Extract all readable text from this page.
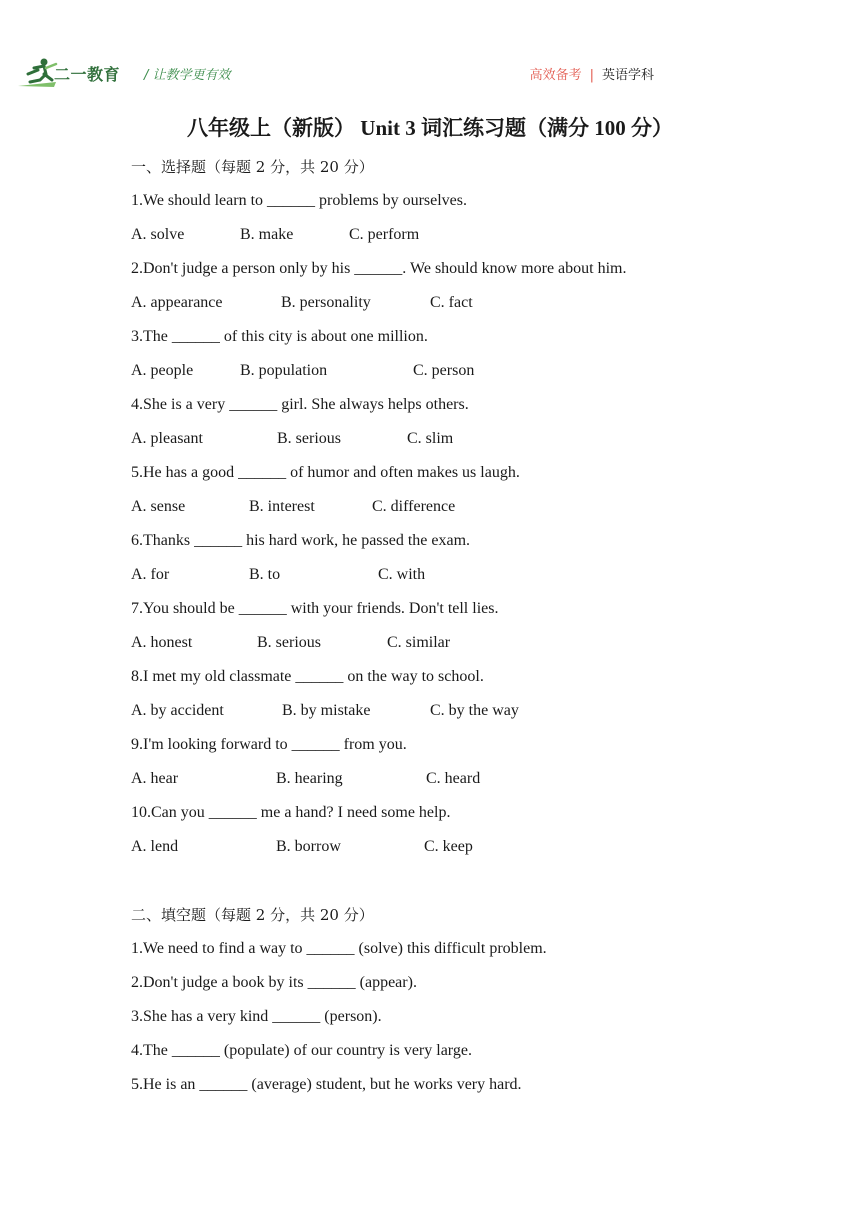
二一教育 / 让教学更有效	高效备考 | 英语学科
八年级上（新版） Unit 3 词汇练习题（满分 100 分）
一、选择题（每题 2 分，共 20 分）
1.We should learn to ______ problems by ourselves.
A. solve	B. make	C. perform
2.Don't judge a person only by his ______. We should know more about him.
A. appearance	B. personality	C. fact
3.The ______ of this city is about one million.
A. people	B. population	C. person
4.She is a very ______ girl. She always helps others.
A. pleasant	B. serious	C. slim
5.He has a good ______ of humor and often makes us laugh.
A. sense	B. interest	C. difference
6.Thanks ______ his hard work, he passed the exam.
A. for	B. to	C. with
7.You should be ______ with your friends. Don't tell lies.
A. honest	B. serious	C. similar
8.I met my old classmate ______ on the way to school.
A. by accident	B. by mistake	C. by the way
9.I'm looking forward to ______ from you.
A. hear	B. hearing	C. heard
10.Can you ______ me a hand? I need some help.
A. lend	B. borrow	C. keep
二、填空题（每题 2 分，共 20 分）
1.We need to find a way to ______ (solve) this difficult problem.
2.Don't judge a book by its ______ (appear).
3.She has a very kind ______ (person).
4.The ______ (populate) of our country is very large.
5.He is an ______ (average) student, but he works very hard.
